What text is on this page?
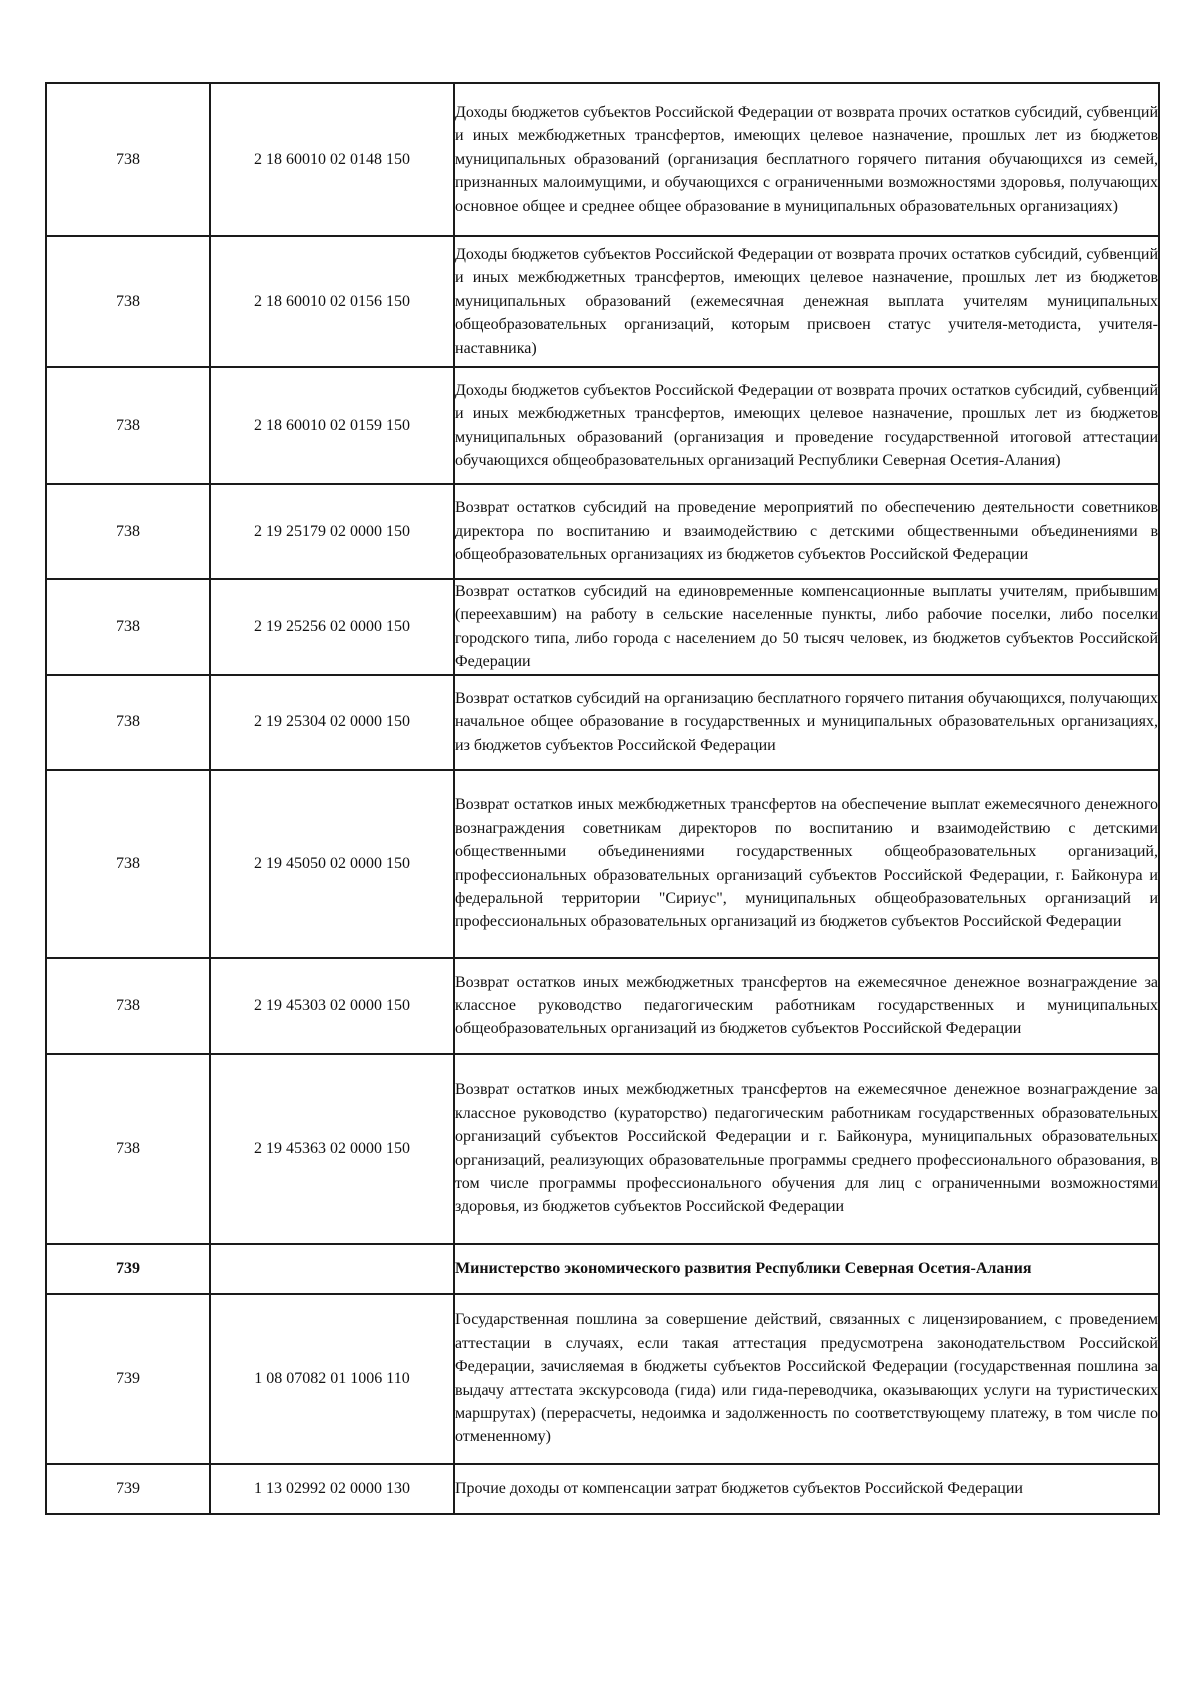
738	2 18 60010 02 0148 150	Доходы бюджетов субъектов Российской Федерации от возврата прочих остатков субсидий, субвенций и иных межбюджетных трансфертов, имеющих целевое назначение, прошлых лет из бюджетов муниципальных образований (организация бесплатного горячего питания обучающихся из семей, признанных малоимущими, и обучающихся с ограниченными возможностями здоровья, получающих основное общее и среднее общее образование в муниципальных образовательных организациях)
738	2 18 60010 02 0156 150	Доходы бюджетов субъектов Российской Федерации от возврата прочих остатков субсидий, субвенций и иных межбюджетных трансфертов, имеющих целевое назначение, прошлых лет из бюджетов муниципальных образований (ежемесячная денежная выплата учителям муниципальных общеобразовательных организаций, которым присвоен статус учителя-методиста, учителя-наставника)
738	2 18 60010 02 0159 150	Доходы бюджетов субъектов Российской Федерации от возврата прочих остатков субсидий, субвенций и иных межбюджетных трансфертов, имеющих целевое назначение, прошлых лет из бюджетов муниципальных образований (организация и проведение государственной итоговой аттестации обучающихся общеобразовательных организаций Республики Северная Осетия-Алания)
738	2 19 25179 02 0000 150	Возврат остатков субсидий на проведение мероприятий по обеспечению деятельности советников директора по воспитанию и взаимодействию с детскими общественными объединениями в общеобразовательных организациях из бюджетов субъектов Российской Федерации
738	2 19 25256 02 0000 150	Возврат остатков субсидий на единовременные компенсационные выплаты учителям, прибывшим (переехавшим) на работу в сельские населенные пункты, либо рабочие поселки, либо поселки городского типа, либо города с населением до 50 тысяч человек, из бюджетов субъектов Российской Федерации
738	2 19 25304 02 0000 150	Возврат остатков субсидий на организацию бесплатного горячего питания обучающихся, получающих начальное общее образование в государственных и муниципальных образовательных организациях, из бюджетов субъектов Российской Федерации
738	2 19 45050 02 0000 150	Возврат остатков иных межбюджетных трансфертов на обеспечение выплат ежемесячного денежного вознаграждения советникам директоров по воспитанию и взаимодействию с детскими общественными объединениями государственных общеобразовательных организаций, профессиональных образовательных организаций субъектов Российской Федерации, г. Байконура и федеральной территории "Сириус", муниципальных общеобразовательных организаций и профессиональных образовательных организаций из бюджетов субъектов Российской Федерации
738	2 19 45303 02 0000 150	Возврат остатков иных межбюджетных трансфертов на ежемесячное денежное вознаграждение за классное руководство педагогическим работникам государственных и муниципальных общеобразовательных организаций из бюджетов субъектов Российской Федерации
738	2 19 45363 02 0000 150	Возврат остатков иных межбюджетных трансфертов на ежемесячное денежное вознаграждение за классное руководство (кураторство) педагогическим работникам государственных образовательных организаций субъектов Российской Федерации и г. Байконура, муниципальных образовательных организаций, реализующих образовательные программы среднего профессионального образования, в том числе программы профессионального обучения для лиц с ограниченными возможностями здоровья, из бюджетов субъектов Российской Федерации
739		Министерство экономического развития Республики Северная Осетия-Алания
739	1 08 07082 01 1006 110	Государственная пошлина за совершение действий, связанных с лицензированием, с проведением аттестации в случаях, если такая аттестация предусмотрена законодательством Российской Федерации, зачисляемая в бюджеты субъектов Российской Федерации (государственная пошлина за выдачу аттестата экскурсовода (гида) или гида-переводчика, оказывающих услуги на туристических маршрутах) (перерасчеты, недоимка и задолженность по соответствующему платежу, в том числе по отмененному)
739	1 13 02992 02 0000 130	Прочие доходы от компенсации затрат бюджетов субъектов Российской Федерации
